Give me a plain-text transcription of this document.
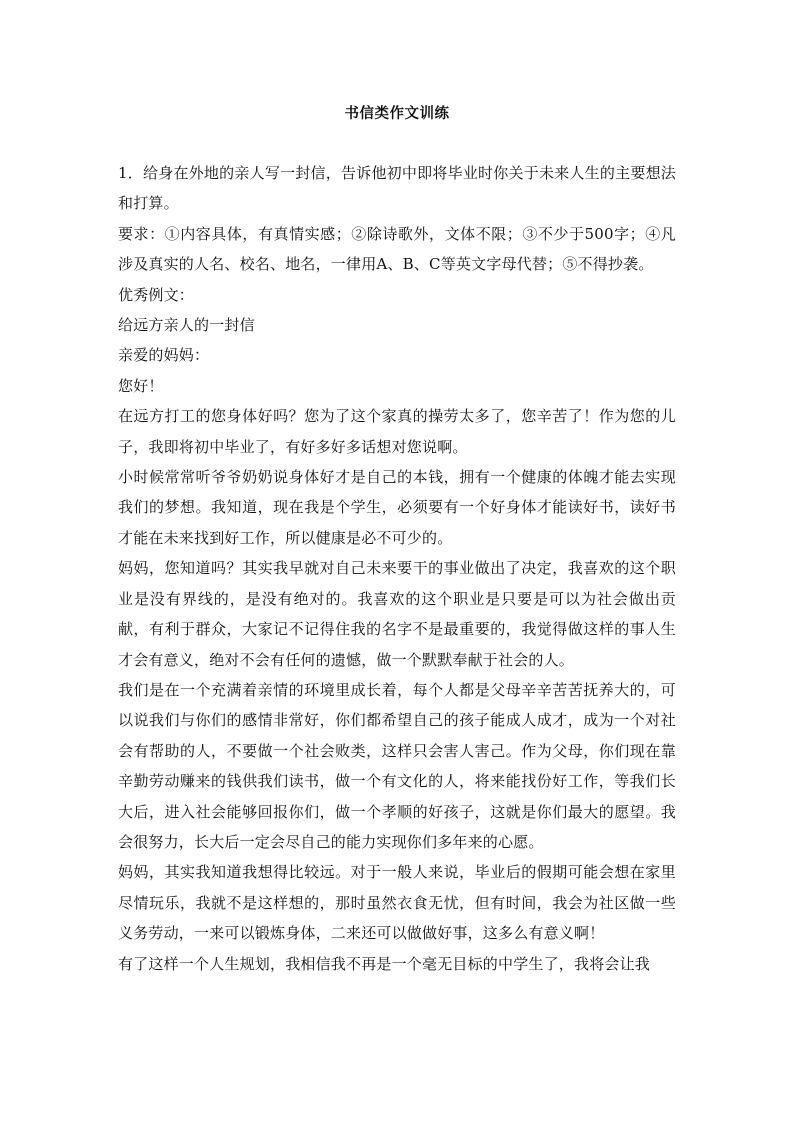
书信类作文训练

1．给身在外地的亲人写一封信，告诉他初中即将毕业时你关于未来人生的主要想法和打算。

要求：①内容具体，有真情实感；②除诗歌外，文体不限；③不少于500字；④凡涉及真实的人名、校名、地名，一律用A、B、C等英文字母代替；⑤不得抄袭。

优秀例文：

给远方亲人的一封信

亲爱的妈妈：

您好！

在远方打工的您身体好吗？您为了这个家真的操劳太多了，您辛苦了！作为您的儿子，我即将初中毕业了，有好多好多话想对您说啊。

小时候常常听爷爷奶奶说身体好才是自己的本钱，拥有一个健康的体魄才能去实现我们的梦想。我知道，现在我是个学生，必须要有一个好身体才能读好书，读好书才能在未来找到好工作，所以健康是必不可少的。

妈妈，您知道吗？其实我早就对自己未来要干的事业做出了决定，我喜欢的这个职业是没有界线的，是没有绝对的。我喜欢的这个职业是只要是可以为社会做出贡献，有利于群众，大家记不记得住我的名字不是最重要的，我觉得做这样的事人生才会有意义，绝对不会有任何的遗憾，做一个默默奉献于社会的人。

我们是在一个充满着亲情的环境里成长着，每个人都是父母辛辛苦苦抚养大的，可以说我们与你们的感情非常好，你们都希望自己的孩子能成人成才，成为一个对社会有帮助的人，不要做一个社会败类，这样只会害人害己。作为父母，你们现在靠辛勤劳动赚来的钱供我们读书，做一个有文化的人，将来能找份好工作，等我们长大后，进入社会能够回报你们，做一个孝顺的好孩子，这就是你们最大的愿望。我会很努力，长大后一定会尽自己的能力实现你们多年来的心愿。

妈妈，其实我知道我想得比较远。对于一般人来说，毕业后的假期可能会想在家里尽情玩乐，我就不是这样想的，那时虽然衣食无忧，但有时间，我会为社区做一些义务劳动，一来可以锻炼身体，二来还可以做做好事，这多么有意义啊！

有了这样一个人生规划，我相信我不再是一个毫无目标的中学生了，我将会让我
